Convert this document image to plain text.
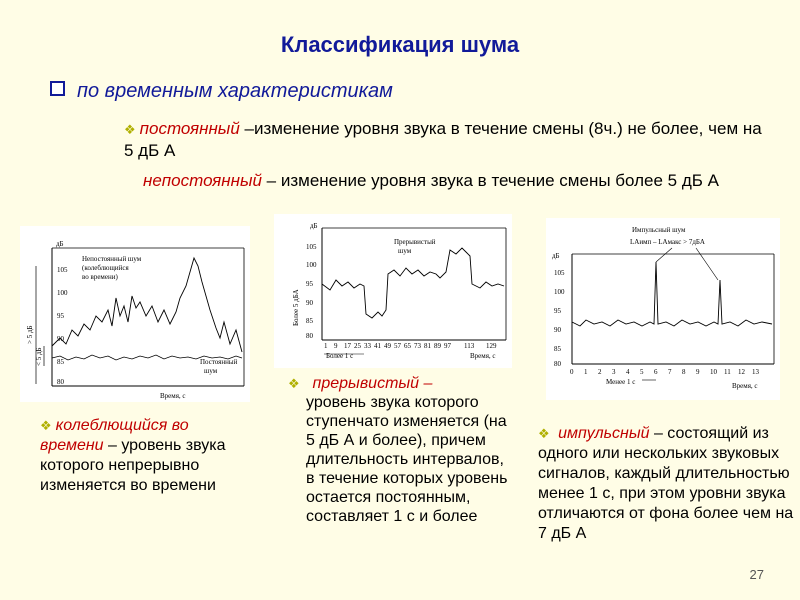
Классификация шума
по временным характеристикам
❖ постоянный –изменение уровня звука в течение смены (8ч.) не более, чем на 5 дБ А
непостоянный – изменение уровня звука в течение смены более 5 дБ А
дБ
105
100
95
90
85
80
> 5 дБ
< 5 дБ
Непостоянный шум
(колеблющийся
во времени)
Постоянный
шум
Время, с
дБ
105
100
95
90
85
80
Более 5 дБА
Прерывистый
шум
1 9 17 25 33 41 49 57 65 73 81 89 97 113 129
Более 1 с	Время, с
Импульсный шум
LAимп – LAмакс > 7дБА
дБ
105
100
95
90
85
80
0 1 2 3 4 5 6 7 8 9 10 11 12 13
Менее 1 с	Время, с
❖ колеблющийся во времени – уровень звука которого непрерывно изменяется во времени
❖ прерывистый –
уровень звука которого ступенчато изменяется (на 5 дБ А и более), причем длительность интервалов, в течение которых уровень остается постоянным, составляет 1 с и более
❖ импульсный – состоящий из одного или нескольких звуковых сигналов, каждый длительностью менее 1 с, при этом уровни звука отличаются от фона более чем на 7 дБ А
27
